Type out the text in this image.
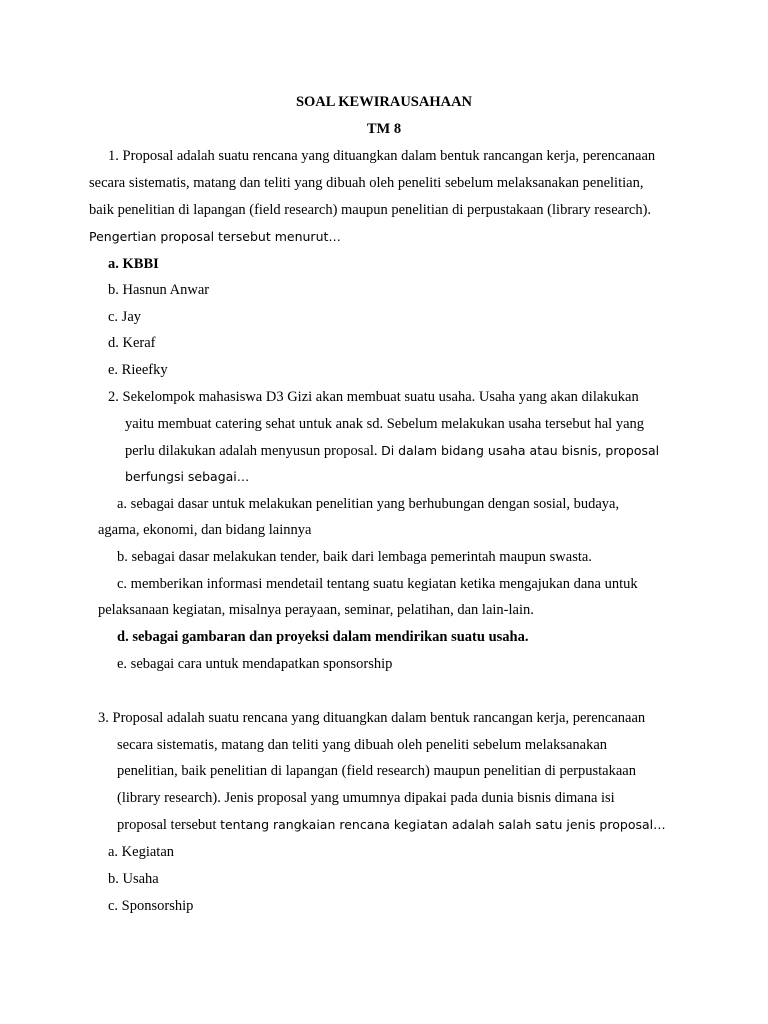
SOAL KEWIRAUSAHAAN
TM 8
1. Proposal adalah suatu rencana yang dituangkan dalam bentuk rancangan kerja, perencanaan
secara sistematis, matang dan teliti yang dibuah oleh peneliti sebelum melaksanakan penelitian,
baik penelitian di lapangan (field research) maupun penelitian di perpustakaan (library research).
Pengertian proposal tersebut menurut…
a. KBBI
b. Hasnun Anwar
c. Jay
d. Keraf
e. Rieefky
2. Sekelompok mahasiswa D3 Gizi akan membuat suatu usaha. Usaha yang akan dilakukan
yaitu membuat catering sehat untuk anak sd. Sebelum melakukan usaha tersebut hal yang
perlu dilakukan adalah menyusun proposal. Di dalam bidang usaha atau bisnis, proposal
berfungsi sebagai…
a. sebagai dasar untuk melakukan penelitian yang berhubungan dengan sosial, budaya,
agama, ekonomi, dan bidang lainnya
b. sebagai dasar melakukan tender, baik dari lembaga pemerintah maupun swasta.
c. memberikan informasi mendetail tentang suatu kegiatan ketika mengajukan dana untuk
pelaksanaan kegiatan, misalnya perayaan, seminar, pelatihan, dan lain-lain.
d. sebagai gambaran dan proyeksi dalam mendirikan suatu usaha.
e. sebagai cara untuk mendapatkan sponsorship
3. Proposal adalah suatu rencana yang dituangkan dalam bentuk rancangan kerja, perencanaan
secara sistematis, matang dan teliti yang dibuah oleh peneliti sebelum melaksanakan
penelitian, baik penelitian di lapangan (field research) maupun penelitian di perpustakaan
(library research). Jenis proposal yang umumnya dipakai pada dunia bisnis dimana isi
proposal tersebut tentang rangkaian rencana kegiatan adalah salah satu jenis proposal…
a. Kegiatan
b. Usaha
c. Sponsorship
